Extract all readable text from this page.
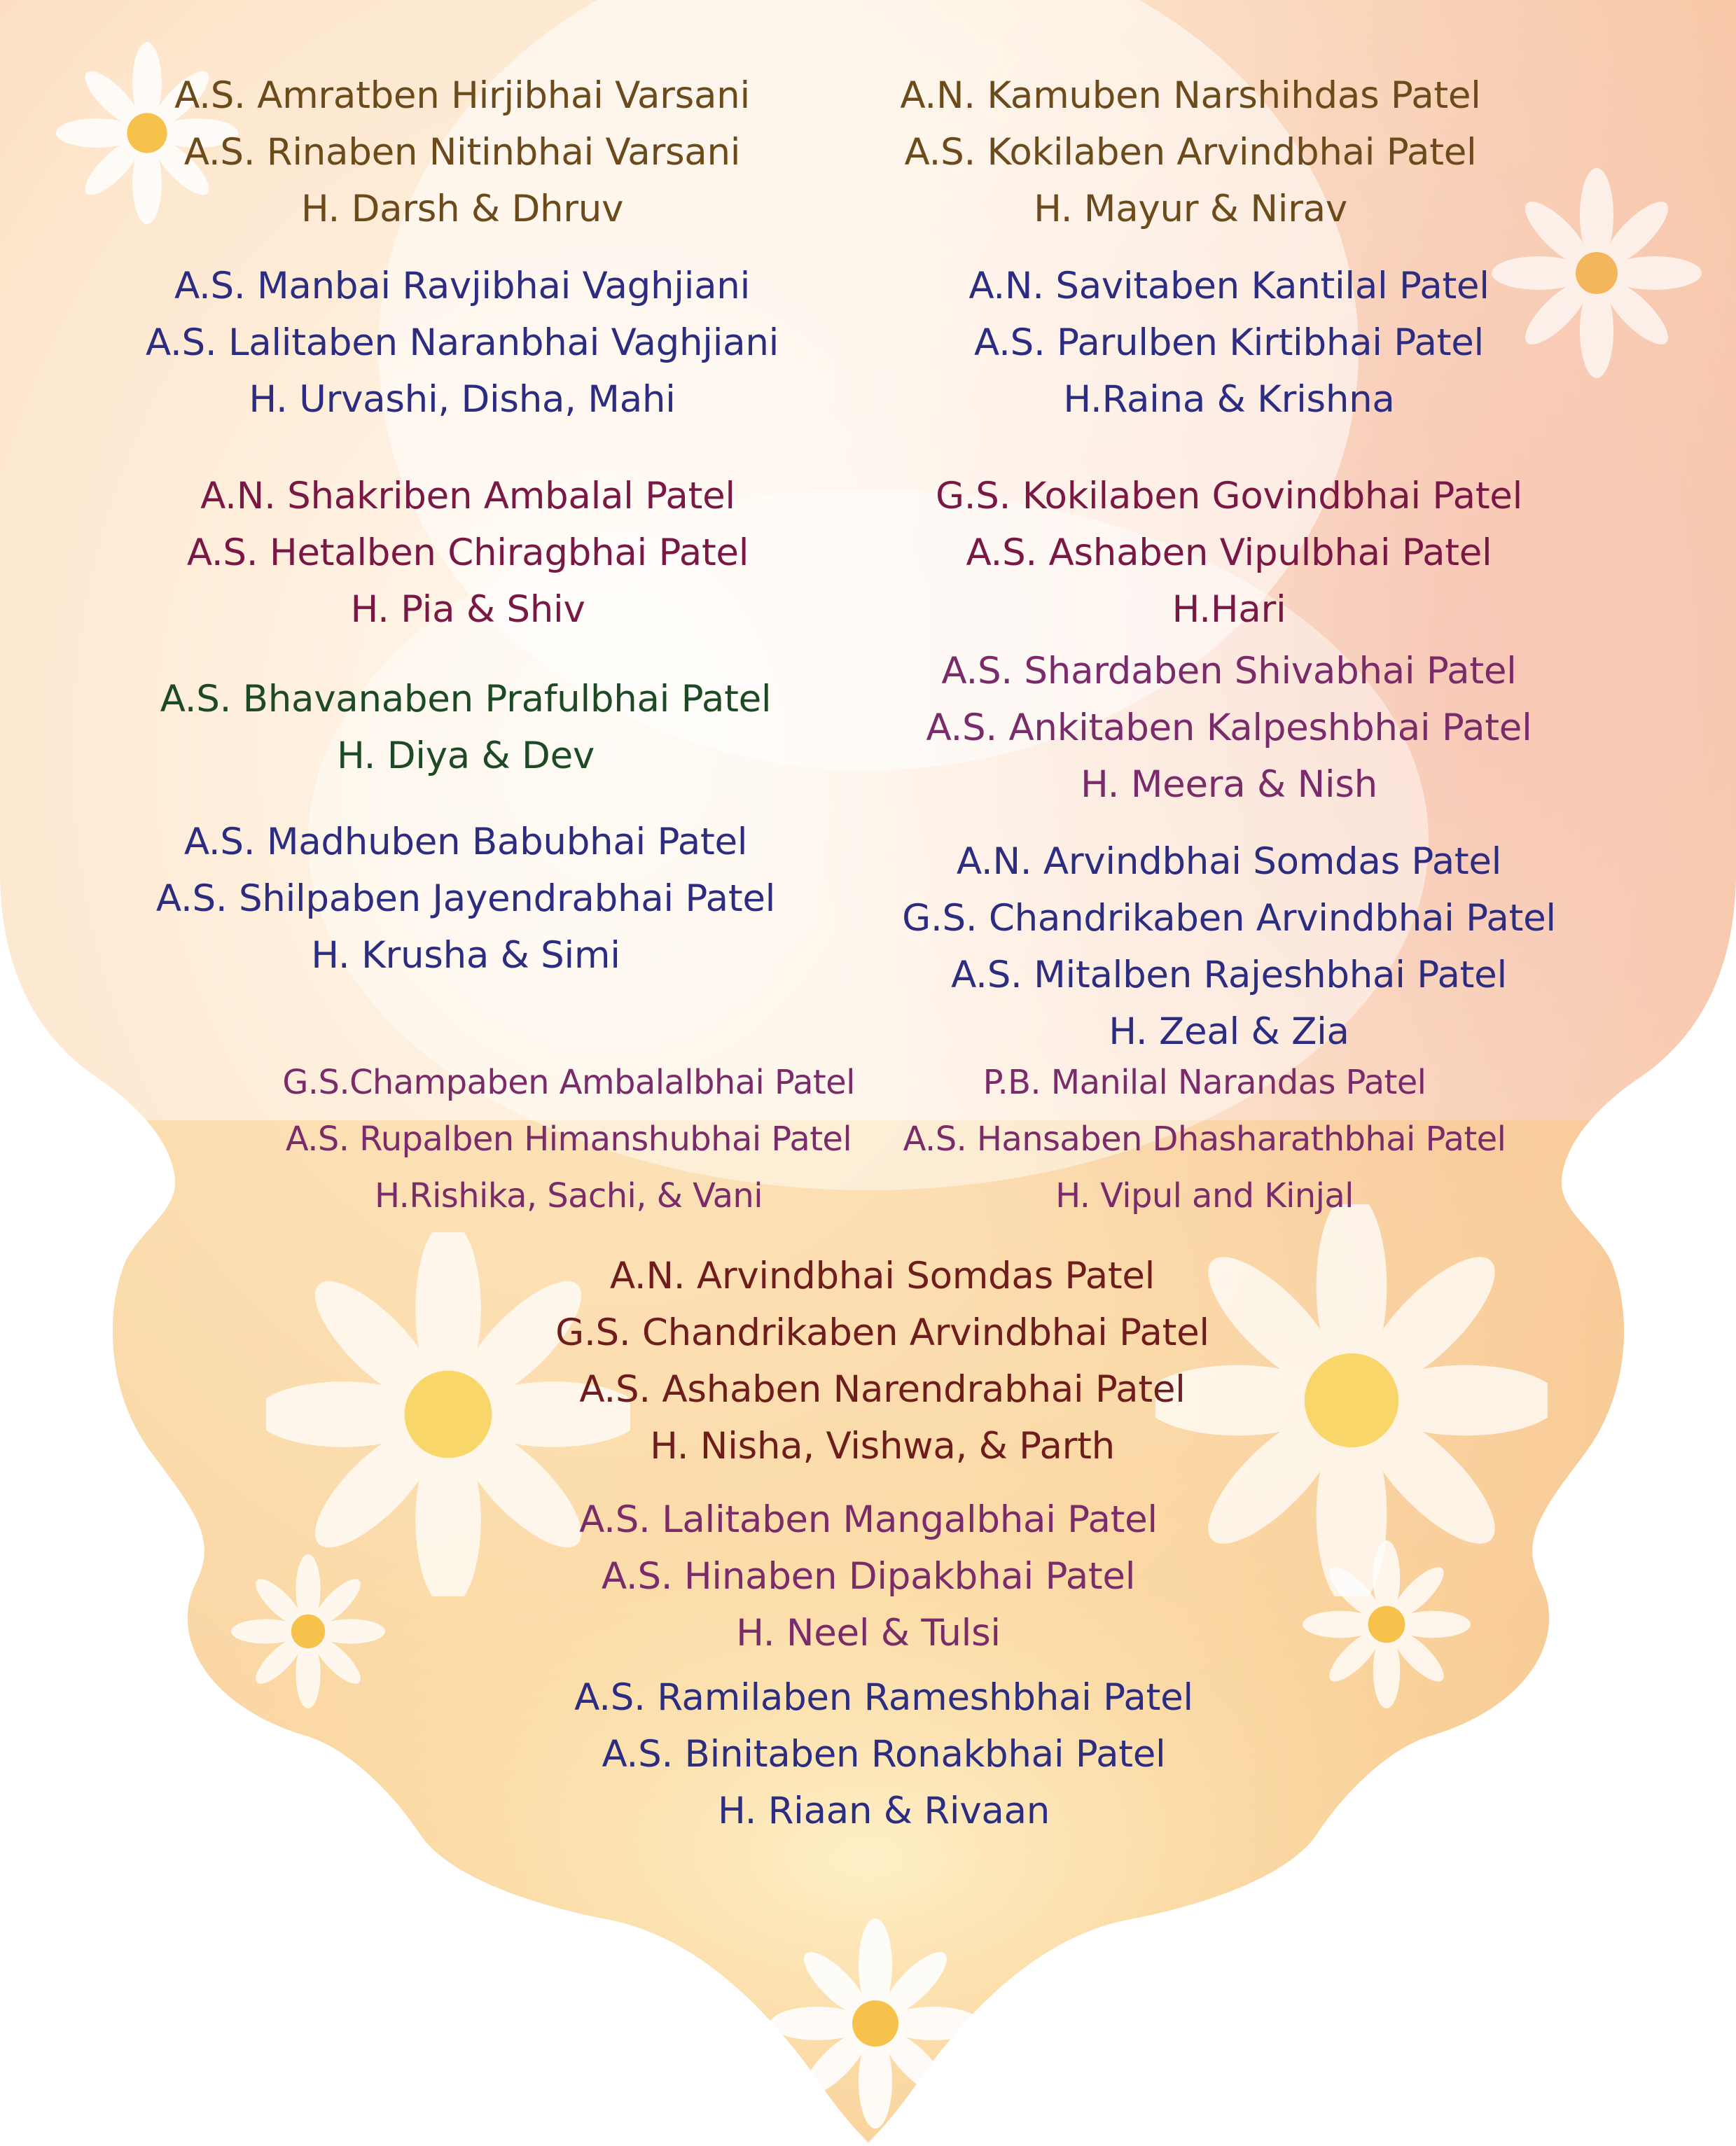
A.S. Amratben Hirjibhai Varsani
A.S. Rinaben Nitinbhai Varsani
H. Darsh & Dhruv
A.N. Kamuben Narshihdas Patel
A.S. Kokilaben Arvindbhai Patel
H. Mayur & Nirav
A.S. Manbai Ravjibhai Vaghjiani
A.S. Lalitaben Naranbhai Vaghjiani
H. Urvashi, Disha, Mahi
A.N. Savitaben Kantilal Patel
A.S. Parulben Kirtibhai Patel
H.Raina & Krishna
A.N. Shakriben Ambalal Patel
A.S. Hetalben Chiragbhai Patel
H. Pia & Shiv
G.S. Kokilaben Govindbhai Patel
A.S. Ashaben Vipulbhai Patel
H.Hari
A.S. Bhavanaben Prafulbhai Patel
H. Diya & Dev
A.S. Shardaben Shivabhai Patel
A.S. Ankitaben Kalpeshbhai Patel
H. Meera & Nish
A.S. Madhuben Babubhai Patel
A.S. Shilpaben Jayendrabhai Patel
H. Krusha & Simi
A.N. Arvindbhai Somdas Patel
G.S. Chandrikaben Arvindbhai Patel
A.S. Mitalben Rajeshbhai Patel
H. Zeal & Zia
G.S.Champaben Ambalalbhai Patel
A.S. Rupalben Himanshubhai Patel
H.Rishika, Sachi, & Vani
P.B. Manilal Narandas Patel
A.S. Hansaben Dhasharathbhai Patel
H. Vipul and Kinjal
A.N. Arvindbhai Somdas Patel
G.S. Chandrikaben Arvindbhai Patel
A.S. Ashaben Narendrabhai Patel
H. Nisha, Vishwa, & Parth
A.S. Lalitaben Mangalbhai Patel
A.S. Hinaben Dipakbhai Patel
H. Neel & Tulsi
A.S. Ramilaben Rameshbhai Patel
A.S. Binitaben Ronakbhai Patel
H. Riaan & Rivaan
